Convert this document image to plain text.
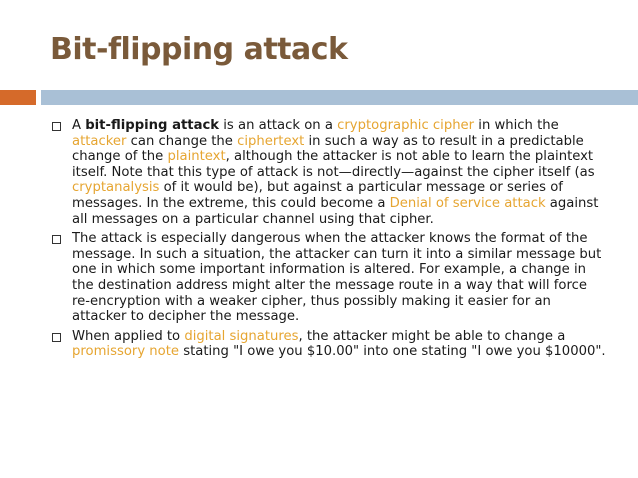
Bit-flipping attack
A bit-flipping attack is an attack on a cryptographic cipher in which the attacker can change the ciphertext in such a way as to result in a predictable change of the plaintext, although the attacker is not able to learn the plaintext itself. Note that this type of attack is not—directly—against the cipher itself (as cryptanalysis of it would be), but against a particular message or series of messages. In the extreme, this could become a Denial of service attack against all messages on a particular channel using that cipher.
The attack is especially dangerous when the attacker knows the format of the message. In such a situation, the attacker can turn it into a similar message but one in which some important information is altered. For example, a change in the destination address might alter the message route in a way that will force re-encryption with a weaker cipher, thus possibly making it easier for an attacker to decipher the message.
When applied to digital signatures, the attacker might be able to change a promissory note stating "I owe you $10.00" into one stating "I owe you $10000".
